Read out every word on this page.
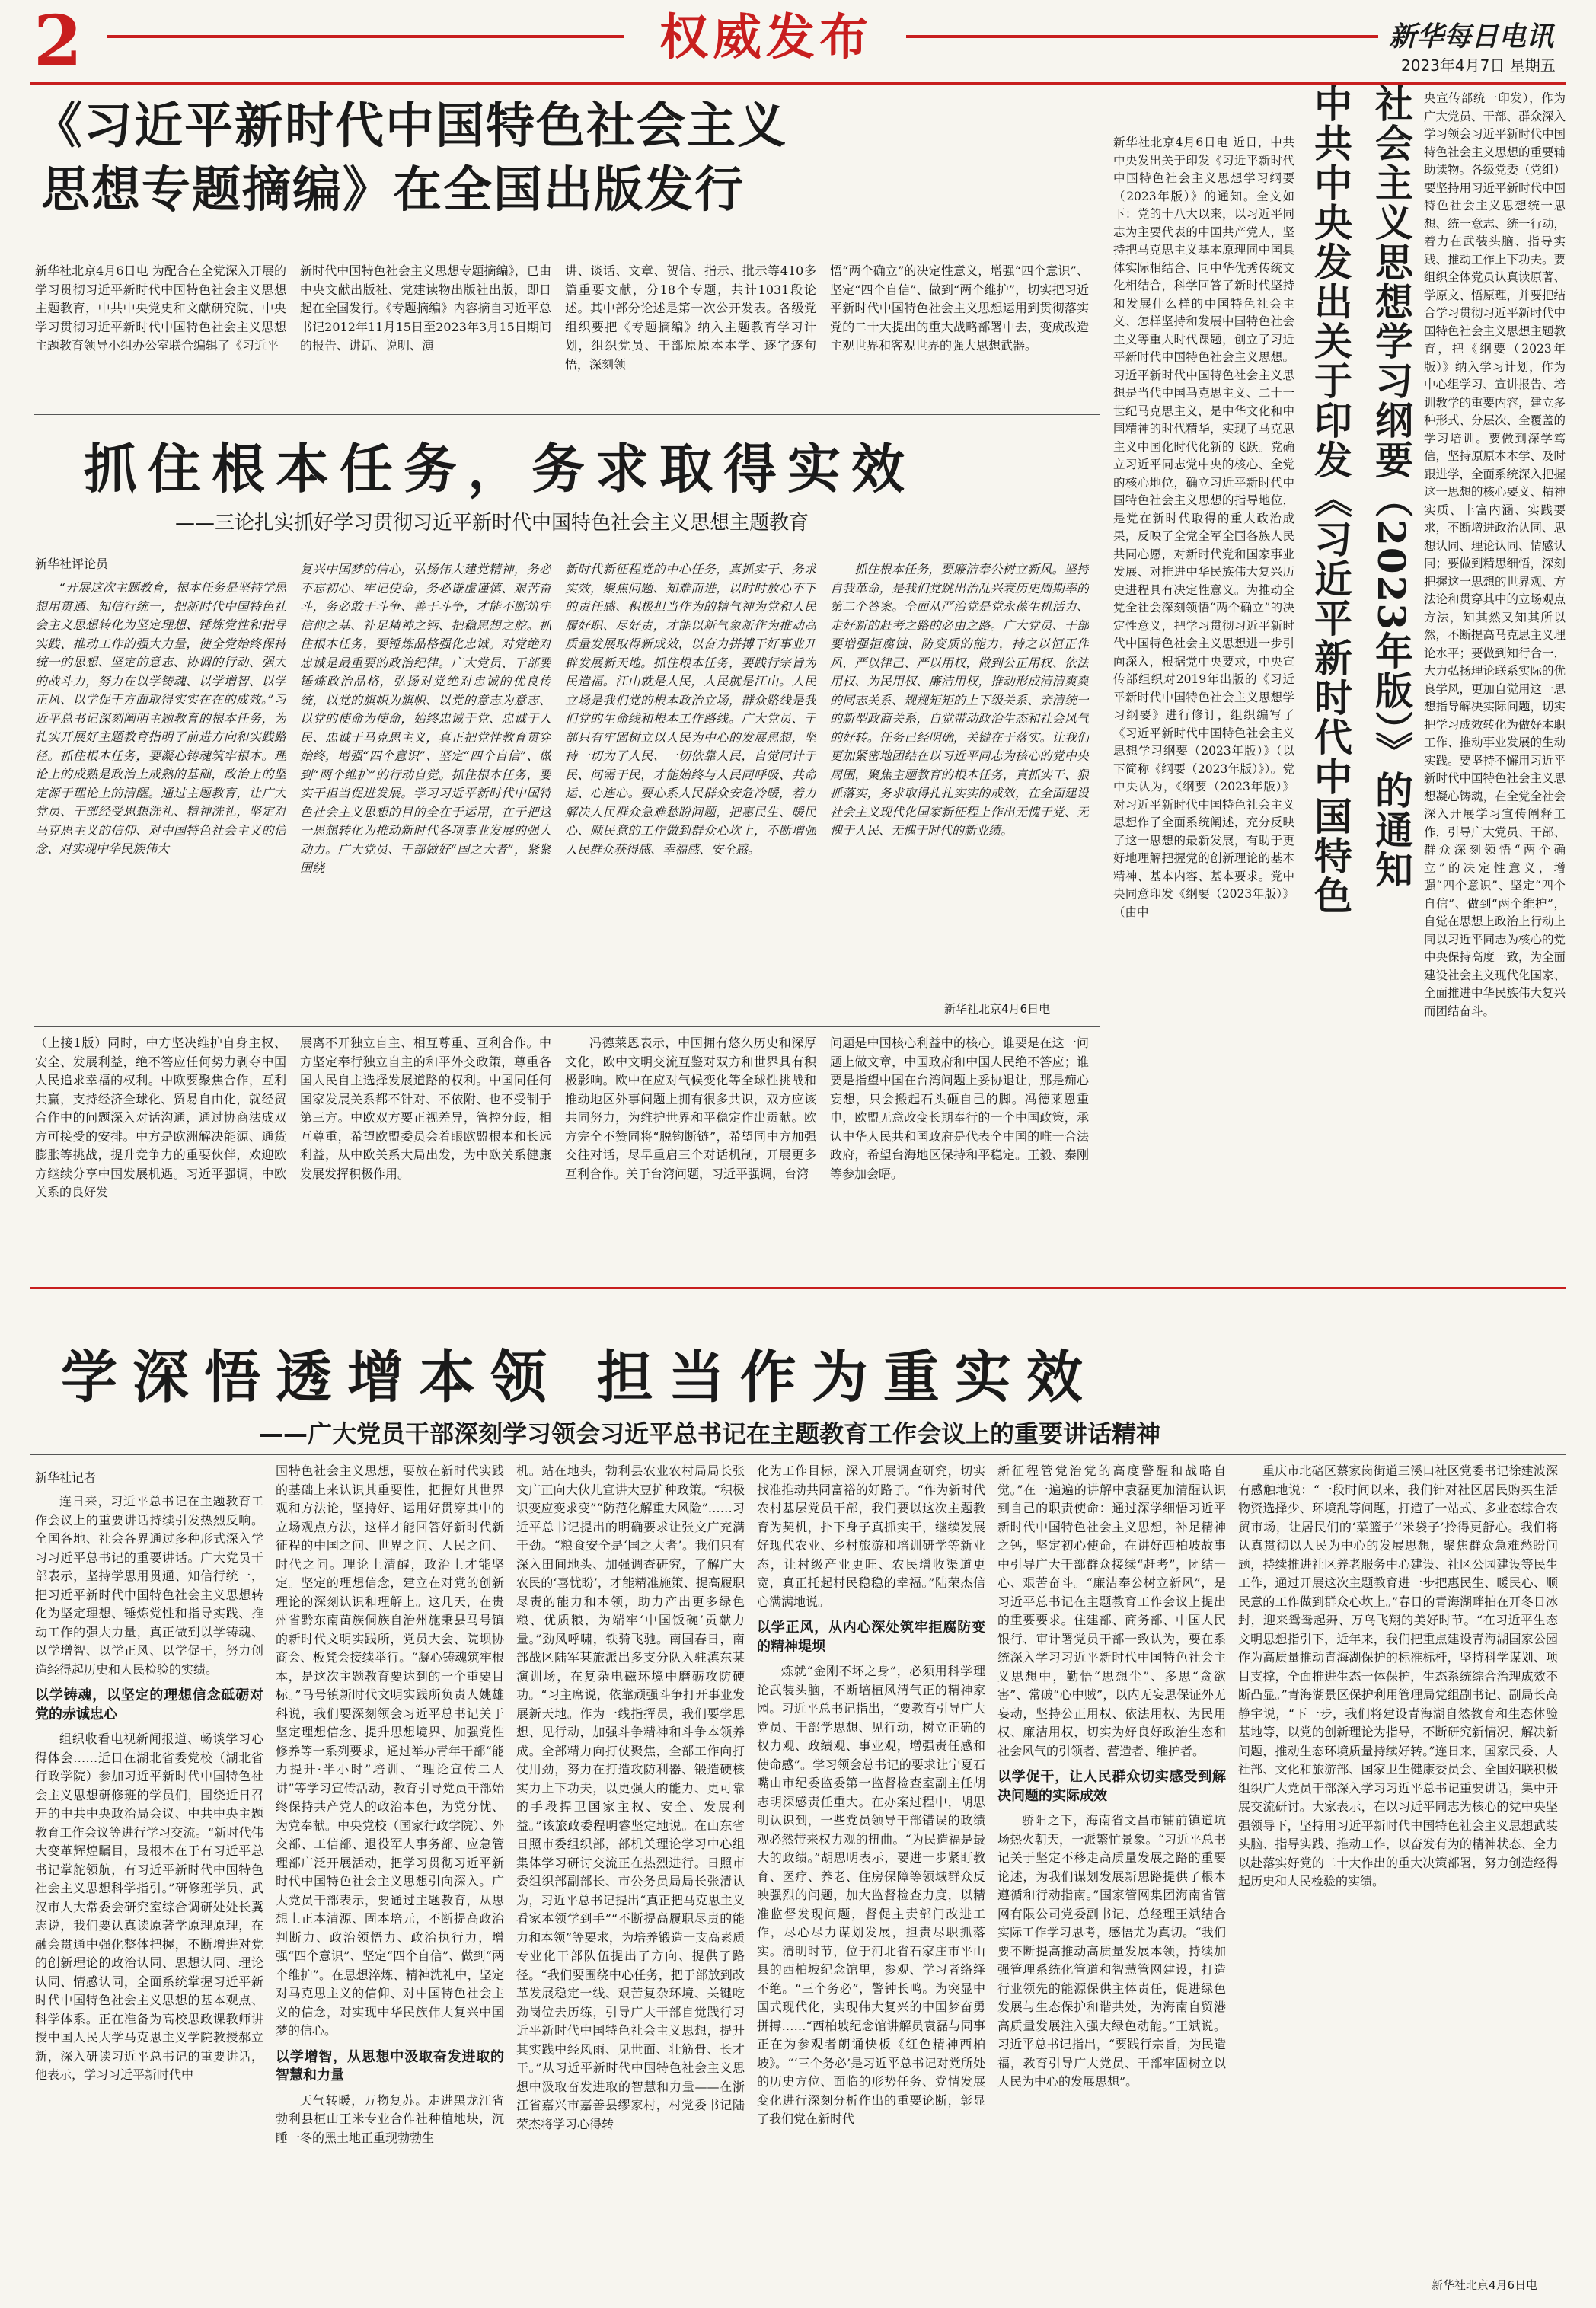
2	权威发布	新华每日电讯
2023年4月7日 星期五
《习近平新时代中国特色社会主义
思想专题摘编》在全国出版发行

新华社北京4月6日电 为配合在全党深入开展的学习贯彻习近平新时代中国特色社会主义思想主题教育，中共中央党史和文献研究院、中央学习贯彻习近平新时代中国特色社会主义思想主题教育领导小组办公室联合编辑了《习近平

新时代中国特色社会主义思想专题摘编》，已由中央文献出版社、党建读物出版社出版，即日起在全国发行。《专题摘编》内容摘自习近平总书记2012年11月15日至2023年3月15日期间的报告、讲话、说明、演

讲、谈话、文章、贺信、指示、批示等410多篇重要文献，分18个专题，共计1031段论述。其中部分论述是第一次公开发表。各级党组织要把《专题摘编》纳入主题教育学习计划，组织党员、干部原原本本学、逐字逐句悟，深刻领

悟“两个确立”的决定性意义，增强“四个意识”、坚定“四个自信”、做到“两个维护”，切实把习近平新时代中国特色社会主义思想运用到贯彻落实党的二十大提出的重大战略部署中去，变成改造主观世界和客观世界的强大思想武器。

抓住根本任务，务求取得实效
——三论扎实抓好学习贯彻习近平新时代中国特色社会主义思想主题教育
新华社评论员

“开展这次主题教育，根本任务是坚持学思想用贯通、知信行统一，把新时代中国特色社会主义思想转化为坚定理想、锤炼党性和指导实践、推动工作的强大力量，使全党始终保持统一的思想、坚定的意志、协调的行动、强大的战斗力，努力在以学铸魂、以学增智、以学正风、以学促干方面取得实实在在的成效。”习近平总书记深刻阐明主题教育的根本任务，为扎实开展好主题教育指明了前进方向和实践路径。抓住根本任务，要凝心铸魂筑牢根本。理论上的成熟是政治上成熟的基础，政治上的坚定源于理论上的清醒。通过主题教育，让广大党员、干部经受思想洗礼、精神洗礼，坚定对马克思主义的信仰、对中国特色社会主义的信念、对实现中华民族伟大

复兴中国梦的信心，弘扬伟大建党精神，务必不忘初心、牢记使命，务必谦虚谨慎、艰苦奋斗，务必敢于斗争、善于斗争，才能不断筑牢信仰之基、补足精神之钙、把稳思想之舵。抓住根本任务，要锤炼品格强化忠诚。对党绝对忠诚是最重要的政治纪律。广大党员、干部要锤炼政治品格，弘扬对党绝对忠诚的优良传统，以党的旗帜为旗帜、以党的意志为意志、以党的使命为使命，始终忠诚于党、忠诚于人民、忠诚于马克思主义，真正把党性教育贯穿始终，增强“四个意识”、坚定“四个自信”、做到“两个维护”的行动自觉。抓住根本任务，要实干担当促进发展。学习习近平新时代中国特色社会主义思想的目的全在于运用，在于把这一思想转化为推动新时代各项事业发展的强大动力。广大党员、干部做好“国之大者”，紧紧围绕

新时代新征程党的中心任务，真抓实干、务求实效，聚焦问题、知难而进，以时时放心不下的责任感、积极担当作为的精气神为党和人民履好职、尽好责，才能以新气象新作为推动高质量发展取得新成效，以奋力拼搏干好事业开辟发展新天地。抓住根本任务，要践行宗旨为民造福。江山就是人民，人民就是江山。人民立场是我们党的根本政治立场，群众路线是我们党的生命线和根本工作路线。广大党员、干部只有牢固树立以人民为中心的发展思想，坚持一切为了人民、一切依靠人民，自觉同计于民、问需于民，才能始终与人民同呼吸、共命运、心连心。要心系人民群众安危冷暖，着力解决人民群众急难愁盼问题，把惠民生、暖民心、顺民意的工作做到群众心坎上，不断增强人民群众获得感、幸福感、安全感。

抓住根本任务，要廉洁奉公树立新风。坚持自我革命，是我们党跳出治乱兴衰历史周期率的第二个答案。全面从严治党是党永葆生机活力、走好新的赶考之路的必由之路。广大党员、干部要增强拒腐蚀、防变质的能力，持之以恒正作风，严以律己、严以用权，做到公正用权、依法用权、为民用权、廉洁用权，推动形成清清爽爽的同志关系、规规矩矩的上下级关系、亲清统一的新型政商关系，自觉带动政治生态和社会风气的好转。任务已经明确，关键在于落实。让我们更加紧密地团结在以习近平同志为核心的党中央周围，聚焦主题教育的根本任务，真抓实干、狠抓落实，务求取得扎扎实实的成效，在全面建设社会主义现代化国家新征程上作出无愧于党、无愧于人民、无愧于时代的新业绩。

新华社北京4月6日电

（上接1版）同时，中方坚决维护自身主权、安全、发展利益，绝不答应任何势力剥夺中国人民追求幸福的权利。中欧要聚焦合作，互利共赢，支持经济全球化、贸易自由化，就经贸合作中的问题深入对话沟通，通过协商法成双方可接受的安排。中方是欧洲解决能源、通货膨胀等挑战，提升竞争力的重要伙伴，欢迎欧方继续分享中国发展机遇。习近平强调，中欧关系的良好发

展离不开独立自主、相互尊重、互利合作。中方坚定奉行独立自主的和平外交政策，尊重各国人民自主选择发展道路的权利。中国同任何国家发展关系都不针对、不依附、也不受制于第三方。中欧双方要正视差异，管控分歧，相互尊重，希望欧盟委员会着眼欧盟根本和长远利益，从中欧关系大局出发，为中欧关系健康发展发挥积极作用。

冯德莱恩表示，中国拥有悠久历史和深厚文化，欧中文明交流互鉴对双方和世界具有积极影响。欧中在应对气候变化等全球性挑战和推动地区外事问题上拥有很多共识，双方应该共同努力，为维护世界和平稳定作出贡献。欧方完全不赞同将“脱钩断链”，希望同中方加强交往对话，尽早重启三个对话机制，开展更多互利合作。关于台湾问题，习近平强调，台湾

问题是中国核心利益中的核心。谁要是在这一问题上做文章，中国政府和中国人民绝不答应；谁要是指望中国在台湾问题上妥协退让，那是痴心妄想，只会搬起石头砸自己的脚。冯德莱恩重申，欧盟无意改变长期奉行的一个中国政策，承认中华人民共和国政府是代表全中国的唯一合法政府，希望台海地区保持和平稳定。王毅、秦刚等参加会晤。

新华社北京4月6日电 近日，中共中央发出关于印发《习近平新时代中国特色社会主义思想学习纲要（2023年版）》的通知。全文如下：党的十八大以来，以习近平同志为主要代表的中国共产党人，坚持把马克思主义基本原理同中国具体实际相结合、同中华优秀传统文化相结合，科学回答了新时代坚持和发展什么样的中国特色社会主义、怎样坚持和发展中国特色社会主义等重大时代课题，创立了习近平新时代中国特色社会主义思想。习近平新时代中国特色社会主义思想是当代中国马克思主义、二十一世纪马克思主义，是中华文化和中国精神的时代精华，实现了马克思主义中国化时代化新的飞跃。党确立习近平同志党中央的核心、全党的核心地位，确立习近平新时代中国特色社会主义思想的指导地位，是党在新时代取得的重大政治成果，反映了全党全军全国各族人民共同心愿，对新时代党和国家事业发展、对推进中华民族伟大复兴历史进程具有决定性意义。为推动全党全社会深刻领悟“两个确立”的决定性意义，把学习贯彻习近平新时代中国特色社会主义思想进一步引向深入，根据党中央要求，中央宣传部组织对2019年出版的《习近平新时代中国特色社会主义思想学习纲要》进行修订，组织编写了《习近平新时代中国特色社会主义思想学习纲要（2023年版）》（以下简称《纲要（2023年版）》）。党中央认为，《纲要（2023年版）》对习近平新时代中国特色社会主义思想作了全面系统阐述，充分反映了这一思想的最新发展，有助于更好地理解把握党的创新理论的基本精神、基本内容、基本要求。党中央同意印发《纲要（2023年版）》（由中	中共中央发出关于印发《习近平新时代中国特色 社会主义思想学习纲要（2023年版）》的通知 央宣传部统一印发），作为广大党员、干部、群众深入学习领会习近平新时代中国特色社会主义思想的重要辅助读物。各级党委（党组）要坚持用习近平新时代中国特色社会主义思想统一思想、统一意志、统一行动，着力在武装头脑、指导实践、推动工作上下功夫。要组织全体党员认真读原著、学原文、悟原理，并要把结合学习贯彻习近平新时代中国特色社会主义思想主题教育，把《纲要（2023年版）》纳入学习计划，作为中心组学习、宣讲报告、培训教学的重要内容，建立多种形式、分层次、全覆盖的学习培训。要做到深学笃信，坚持原原本本学、及时跟进学，全面系统深入把握这一思想的核心要义、精神实质、丰富内涵、实践要求，不断增进政治认同、思想认同、理论认同、情感认同；要做到精思细悟，深刻把握这一思想的世界观、方法论和贯穿其中的立场观点方法，知其然又知其所以然，不断提高马克思主义理论水平；要做到知行合一，大力弘扬理论联系实际的优良学风，更加自觉用这一思想指导解决实际问题，切实把学习成效转化为做好本职工作、推动事业发展的生动实践。要坚持不懈用习近平新时代中国特色社会主义思想凝心铸魂，在全党全社会深入开展学习宣传阐释工作，引导广大党员、干部、群众深刻领悟“两个确立”的决定性意义，增强“四个意识”、坚定“四个自信”、做到“两个维护”，自觉在思想上政治上行动上同以习近平同志为核心的党中央保持高度一致，为全面建设社会主义现代化国家、全面推进中华民族伟大复兴而团结奋斗。

学深悟透增本领 担当作为重实效
——广大党员干部深刻学习领会习近平总书记在主题教育工作会议上的重要讲话精神
新华社记者

连日来，习近平总书记在主题教育工作会议上的重要讲话持续引发热烈反响。全国各地、社会各界通过多种形式深入学习习近平总书记的重要讲话。广大党员干部表示，坚持学思用贯通、知信行统一，把习近平新时代中国特色社会主义思想转化为坚定理想、锤炼党性和指导实践、推动工作的强大力量，真正做到以学铸魂、以学增智、以学正风、以学促干，努力创造经得起历史和人民检验的实绩。

以学铸魂，以坚定的理想信念砥砺对党的赤诚忠心

组织收看电视新闻报道、畅谈学习心得体会……近日在湖北省委党校（湖北省行政学院）参加习近平新时代中国特色社会主义思想研修班的学员们，围绕近日召开的中共中央政治局会议、中共中央主题教育工作会议等进行学习交流。“新时代伟大变革辉煌瞩目，最根本在于有习近平总书记掌舵领航，有习近平新时代中国特色社会主义思想科学指引。”研修班学员、武汉市人大常委会研究室综合调研处处长冀志说，我们要认真读原著学原理原理，在融会贯通中强化整体把握，不断增进对党的创新理论的政治认同、思想认同、理论认同、情感认同，全面系统掌握习近平新时代中国特色社会主义思想的基本观点、科学体系。正在准备为高校思政课教师讲授中国人民大学马克思主义学院教授郝立新，深入研读习近平总书记的重要讲话，他表示，学习习近平新时代中

国特色社会主义思想，要放在新时代实践的基础上来认识其重要性，把握好其世界观和方法论，坚持好、运用好贯穿其中的立场观点方法，这样才能回答好新时代新征程的中国之问、世界之问、人民之问、时代之问。理论上清醒，政治上才能坚定。坚定的理想信念，建立在对党的创新理论的深刻认识和理解上。这几天，在贵州省黔东南苗族侗族自治州施秉县马号镇的新时代文明实践所，党员大会、院坝协商会、板凳会接续举行。“凝心铸魂筑牢根本，是这次主题教育要达到的一个重要目标。”马号镇新时代文明实践所负责人姚雄科说，我们要深刻领会习近平总书记关于坚定理想信念、提升思想境界、加强党性修养等一系列要求，通过举办青年干部“能力提升·半小时”培训、“理论宣传二人讲”等学习宣传活动，教育引导党员干部始终保持共产党人的政治本色，为党分忧、为党奉献。中央党校（国家行政学院）、外交部、工信部、退役军人事务部、应急管理部广泛开展活动，把学习贯彻习近平新时代中国特色社会主义思想引向深入。广大党员干部表示，要通过主题教育，从思想上正本清源、固本培元，不断提高政治判断力、政治领悟力、政治执行力，增强“四个意识”、坚定“四个自信”、做到“两个维护”。在思想淬炼、精神洗礼中，坚定对马克思主义的信仰、对中国特色社会主义的信念，对实现中华民族伟大复兴中国梦的信心。

以学增智，从思想中汲取奋发进取的智慧和力量

天气转暖，万物复苏。走进黑龙江省勃利县桓山王米专业合作社种植地块，沉睡一冬的黑土地正重现勃勃生

机。站在地头，勃利县农业农村局局长张文广正向大伙儿宣讲大豆扩种政策。“积极识变应变求变”“防范化解重大风险”……习近平总书记提出的明确要求让张文广充满干劲。“粮食安全是‘国之大者’。我们只有深入田间地头、加强调查研究，了解广大农民的‘喜忧盼’，才能精准施策、提高履职尽责的能力和本领，助力产出更多绿色粮、优质粮，为端牢‘中国饭碗’贡献力量。”劲风呼啸，铁骑飞驰。南国春日，南部战区陆军某旅派出多支分队入驻滇东某演训场，在复杂电磁环境中磨砺攻防硬功。“习主席说，依靠顽强斗争打开事业发展新天地。作为一线指挥员，我们要学思想、见行动，加强斗争精神和斗争本领养成。全部精力向打仗聚焦，全部工作向打仗用劲，努力在打造攻防利器、锻造硬核实力上下功夫，以更强大的能力、更可靠的手段捍卫国家主权、安全、发展利益。”该旅政委程明睿坚定地说。在山东省日照市委组织部，部机关理论学习中心组集体学习研讨交流正在热烈进行。日照市委组织部副部长、市公务员局局长张清认为，习近平总书记提出“真正把马克思主义看家本领学到手”“不断提高履职尽责的能力和本领”等要求，为培养锻造一支高素质专业化干部队伍提出了方向、提供了路径。“我们要围绕中心任务，把于部放到改革发展稳定一线、艰苦复杂环境、关键吃劲岗位去历练，引导广大干部自觉践行习近平新时代中国特色社会主义思想，提升其实践中经风雨、见世面、壮筋骨、长才干。”从习近平新时代中国特色社会主义思想中汲取奋发进取的智慧和力量——在浙江省嘉兴市嘉善县缪家村，村党委书记陆荣杰将学习心得转

化为工作目标，深入开展调查研究，切实找准推动共同富裕的好路子。“作为新时代农村基层党员干部，我们要以这次主题教育为契机，扑下身子真抓实干，继续发展好现代农业、乡村旅游和培训研学等新业态，让村级产业更旺、农民增收渠道更宽，真正托起村民稳稳的幸福。”陆荣杰信心满满地说。

以学正风，从内心深处筑牢拒腐防变的精神堤坝

炼就“金刚不坏之身”，必须用科学理论武装头脑，不断培植风清气正的精神家园。习近平总书记指出，“要教育引导广大党员、干部学思想、见行动，树立正确的权力观、政绩观、事业观，增强责任感和使命感”。学习领会总书记的要求让宁夏石嘴山市纪委监委第一监督检查室副主任胡志明深感责任重大。在办案过程中，胡思明认识到，一些党员领导干部错误的政绩观必然带来权力观的扭曲。“为民造福是最大的政绩。”胡思明表示，要进一步紧盯教育、医疗、养老、住房保障等领域群众反映强烈的问题，加大监督检查力度，以精准监督发现问题，督促主责部门改进工作，尽心尽力谋划发展，担责尽职抓落实。清明时节，位于河北省石家庄市平山县的西柏坡纪念馆里，参观、学习者络绎不绝。“三个务必”，警钟长鸣。为突显中国式现代化，实现伟大复兴的中国梦奋勇拼搏……“西柏坡纪念馆讲解员袁磊与同事正在为参观者朗诵快板《红色精神西柏坡》。“‘三个务必’是习近平总书记对党所处的历史方位、面临的形势任务、党情发展变化进行深刻分析作出的重要论断，彰显了我们党在新时代

新征程管党治党的高度警醒和战略自觉。”在一遍遍的讲解中袁磊更加清醒认识到自己的职责使命：通过深学细悟习近平新时代中国特色社会主义思想，补足精神之钙，坚定初心使命，在讲好西柏坡故事中引导广大干部群众接续“赶考”，团结一心、艰苦奋斗。“廉洁奉公树立新风”，是习近平总书记在主题教育工作会议上提出的重要要求。住建部、商务部、中国人民银行、审计署党员干部一致认为，要在系统深入学习习近平新时代中国特色社会主义思想中，勤悟“思想尘”、多思“贪欲害”、常破“心中贼”，以内无妄思保证外无妄动，坚持公正用权、依法用权、为民用权、廉洁用权，切实为好良好政治生态和社会风气的引领者、营造者、维护者。

以学促干，让人民群众切实感受到解决问题的实际成效

骄阳之下，海南省文昌市铺前镇道坑场热火朝天，一派繁忙景象。“习近平总书记关于坚定不移走高质量发展之路的重要论述，为我们谋划发展新思路提供了根本遵循和行动指南。”国家管网集团海南省管网有限公司党委副书记、总经理王斌结合实际工作学习思考，感悟尤为真切。“我们要不断提高推动高质量发展本领，持续加强管理系统化管道和智慧管网建设，打造行业领先的能源保供主体责任，促进绿色发展与生态保护和谐共处，为海南自贸港高质量发展注入强大绿色动能。”王斌说。习近平总书记指出，“要践行宗旨，为民造福，教育引导广大党员、干部牢固树立以人民为中心的发展思想”。

重庆市北碚区蔡家岗街道三溪口社区党委书记徐建波深有感触地说：“一段时间以来，我们针对社区居民购买生活物资选择少、环境乱等问题，打造了一站式、多业态综合农贸市场，让居民们的‘菜篮子’‘米袋子’拎得更舒心。我们将认真贯彻以人民为中心的发展思想，聚焦群众急难愁盼问题，持续推进社区养老服务中心建设、社区公园建设等民生工作，通过开展这次主题教育进一步把惠民生、暖民心、顺民意的工作做到群众心坎上。”春日的青海湖畔拍在开冬日冰封，迎来鸳鸯起舞、万鸟飞翔的美好时节。“在习近平生态文明思想指引下，近年来，我们把重点建设青海湖国家公园作为高质量推动青海湖保护的标准标杆，坚持科学谋划、项目支撑，全面推进生态一体保护，生态系统综合治理成效不断凸显。”青海湖景区保护利用管理局党组副书记、副局长高静宇说，“下一步，我们将建设青海湖自然教育和生态体验基地等，以党的创新理论为指导，不断研究新情况、解决新问题，推动生态环境质量持续好转。”连日来，国家民委、人社部、文化和旅游部、国家卫生健康委员会、全国妇联积极组织广大党员干部深入学习习近平总书记重要讲话，集中开展交流研讨。大家表示，在以习近平同志为核心的党中央坚强领导下，坚持用习近平新时代中国特色社会主义思想武装头脑、指导实践、推动工作，以奋发有为的精神状态、全力以赴落实好党的二十大作出的重大决策部署，努力创造经得起历史和人民检验的实绩。

新华社北京4月6日电
